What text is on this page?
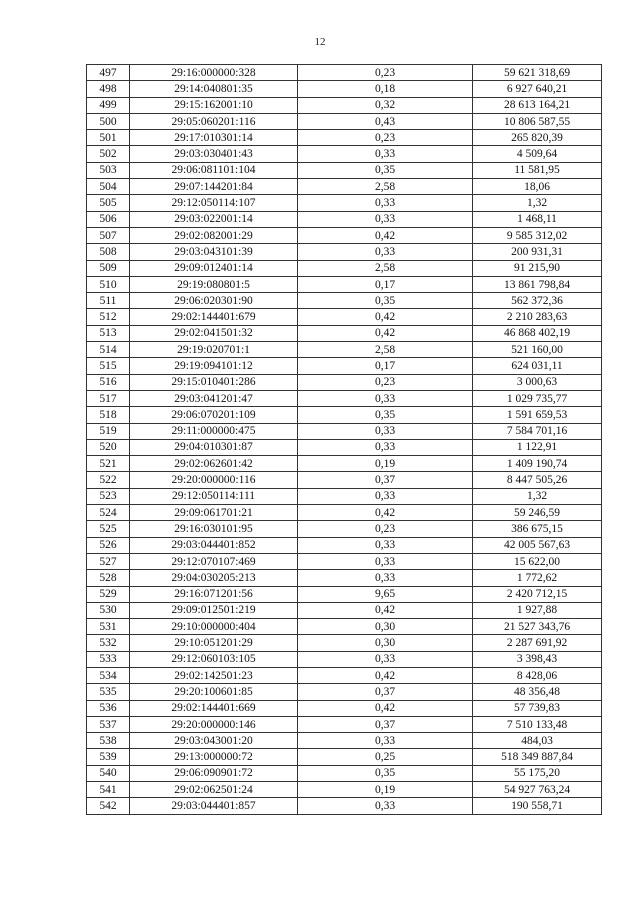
12
497	29:16:000000:328	0,23	59 621 318,69
498	29:14:040801:35	0,18	6 927 640,21
499	29:15:162001:10	0,32	28 613 164,21
500	29:05:060201:116	0,43	10 806 587,55
501	29:17:010301:14	0,23	265 820,39
502	29:03:030401:43	0,33	4 509,64
503	29:06:081101:104	0,35	11 581,95
504	29:07:144201:84	2,58	18,06
505	29:12:050114:107	0,33	1,32
506	29:03:022001:14	0,33	1 468,11
507	29:02:082001:29	0,42	9 585 312,02
508	29:03:043101:39	0,33	200 931,31
509	29:09:012401:14	2,58	91 215,90
510	29:19:080801:5	0,17	13 861 798,84
511	29:06:020301:90	0,35	562 372,36
512	29:02:144401:679	0,42	2 210 283,63
513	29:02:041501:32	0,42	46 868 402,19
514	29:19:020701:1	2,58	521 160,00
515	29:19:094101:12	0,17	624 031,11
516	29:15:010401:286	0,23	3 000,63
517	29:03:041201:47	0,33	1 029 735,77
518	29:06:070201:109	0,35	1 591 659,53
519	29:11:000000:475	0,33	7 584 701,16
520	29:04:010301:87	0,33	1 122,91
521	29:02:062601:42	0,19	1 409 190,74
522	29:20:000000:116	0,37	8 447 505,26
523	29:12:050114:111	0,33	1,32
524	29:09:061701:21	0,42	59 246,59
525	29:16:030101:95	0,23	386 675,15
526	29:03:044401:852	0,33	42 005 567,63
527	29:12:070107:469	0,33	15 622,00
528	29:04:030205:213	0,33	1 772,62
529	29:16:071201:56	9,65	2 420 712,15
530	29:09:012501:219	0,42	1 927,88
531	29:10:000000:404	0,30	21 527 343,76
532	29:10:051201:29	0,30	2 287 691,92
533	29:12:060103:105	0,33	3 398,43
534	29:02:142501:23	0,42	8 428,06
535	29:20:100601:85	0,37	48 356,48
536	29:02:144401:669	0,42	57 739,83
537	29:20:000000:146	0,37	7 510 133,48
538	29:03:043001:20	0,33	484,03
539	29:13:000000:72	0,25	518 349 887,84
540	29:06:090901:72	0,35	55 175,20
541	29:02:062501:24	0,19	54 927 763,24
542	29:03:044401:857	0,33	190 558,71
